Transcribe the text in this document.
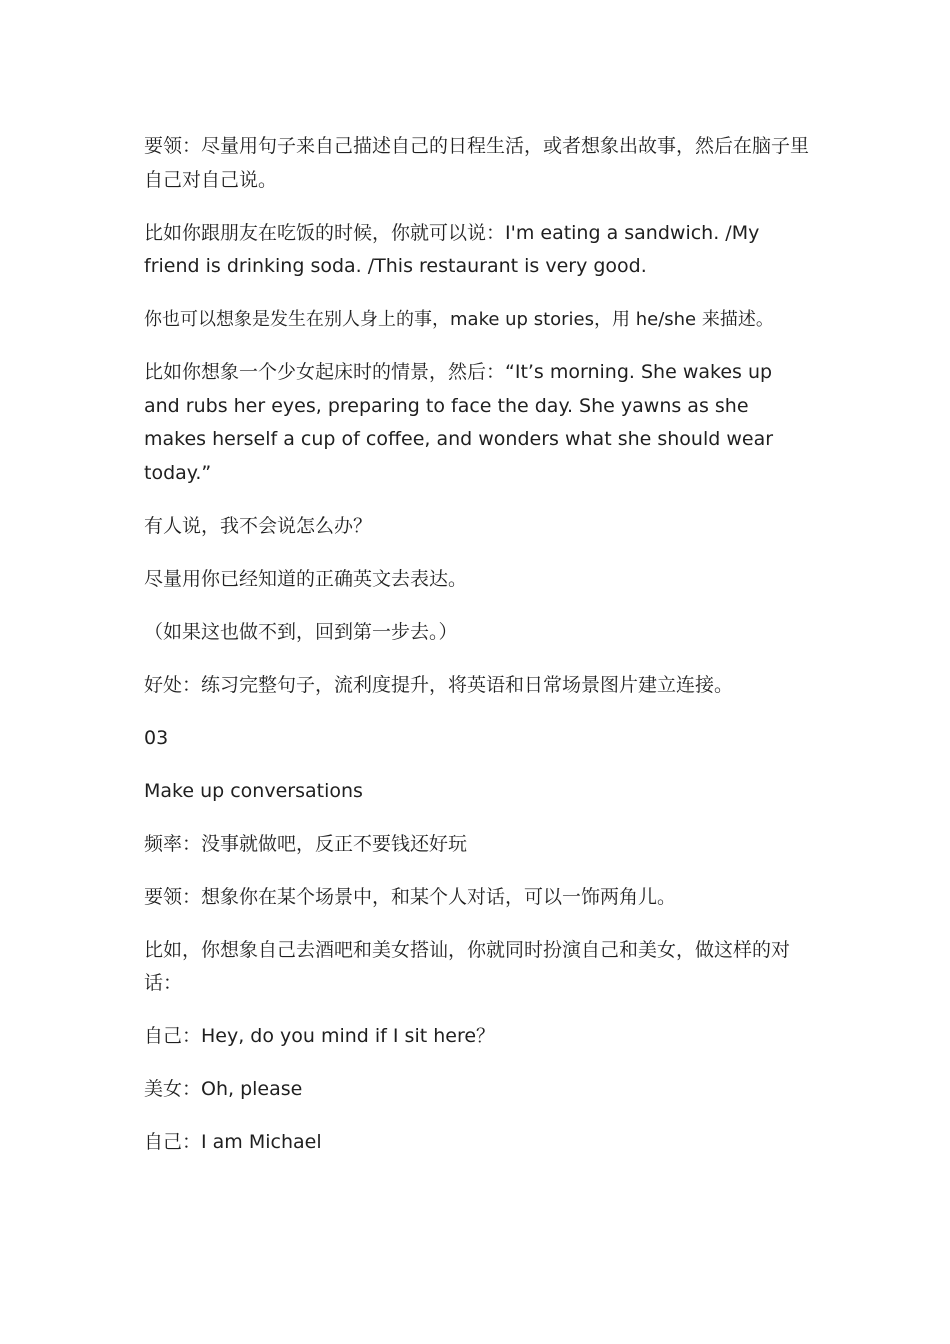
要领：尽量用句子来自己描述自己的日程生活，或者想象出故事，然后在脑子里自己对自己说。

比如你跟朋友在吃饭的时候，你就可以说：I'm eating a sandwich. /My friend is drinking soda. /This restaurant is very good.

你也可以想象是发生在别人身上的事，make up stories，用 he/she 来描述。

比如你想象一个少女起床时的情景，然后：“It’s morning. She wakes up and rubs her eyes, preparing to face the day. She yawns as she makes herself a cup of coffee, and wonders what she should wear today.”

有人说，我不会说怎么办？

尽量用你已经知道的正确英文去表达。

（如果这也做不到，回到第一步去。）

好处：练习完整句子，流利度提升，将英语和日常场景图片建立连接。

03

Make up conversations

频率：没事就做吧，反正不要钱还好玩

要领：想象你在某个场景中，和某个人对话，可以一饰两角儿。

比如，你想象自己去酒吧和美女搭讪，你就同时扮演自己和美女，做这样的对话：

自己：Hey, do you mind if I sit here？

美女：Oh, please

自己：I am Michael
